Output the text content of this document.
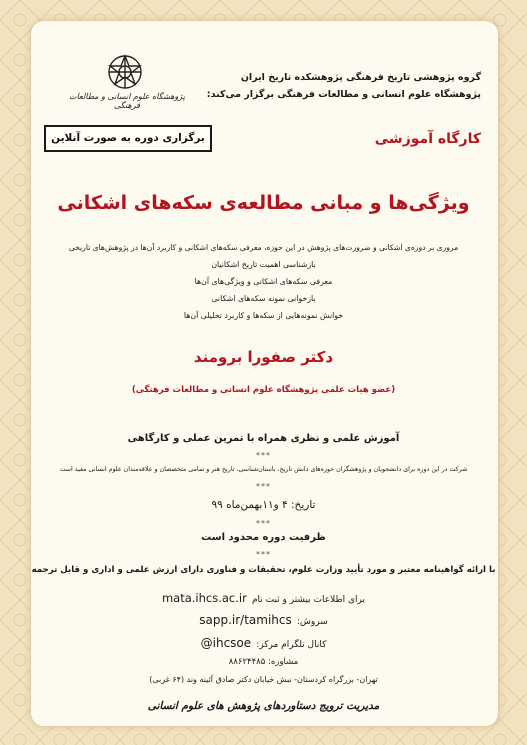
پژوهشگاه علوم انسانی و مطالعات فرهنگی
گروه پژوهشی تاریخ فرهنگی پژوهشکده تاریخ ایران
پژوهشگاه علوم انسانی و مطالعات فرهنگی برگزار می‌کند:
برگزاری دوره به صورت آنلاین	کارگاه آموزشی
ویژگی‌ها و مبانی مطالعه‌ی سکه‌های اشکانی
مروری بر دوره‌ی اشکانی و ضرورت‌های پژوهش در این حوزه، معرفی سکه‌های اشکانی و کاربرد آن‌ها در پژوهش‌های تاریخی
بازشناسی اهمیت تاریخ اشکانیان
معرفی سکه‌های اشکانی و ویژگی‌های آن‌ها
بازخوانی نمونه سکه‌های اشکانی
خوانش نمونه‌هایی از سکه‌ها و کاربرد تحلیلی آن‌ها
دکتر صفورا برومند
(عضو هیات علمی پژوهشگاه علوم انسانی و مطالعات فرهنگی)
آموزش علمی و نظری همراه با تمرین عملی و کارگاهی
***
شرکت در این دوره برای دانشجویان و پژوهشگران حوزه‌های دانش تاریخ، باستان‌شناسی، تاریخ هنر و تمامی متخصصان و علاقه‌مندان علوم انسانی مفید است
***
تاریخ: ۴ و۱۱بهمن‌ماه ۹۹
***
ظرفیت دوره محدود است
***
با ارائه گواهینامه معتبر و مورد تأیید وزارت علوم، تحقیقات و فناوری دارای ارزش علمی و اداری و قابل ترجمه
برای اطلاعات بیشتر و ثبت نام mata.ihcs.ac.ir
سروش: sapp.ir/tamihcs
کانال تلگرام مرکز: @ihcsoe
مشاوره: ۸۸۶۲۴۴۸۵
تهران- بزرگراه کردستان- نبش خیابان دکتر صادق آئینه وند (۶۴ غربی)
مدیریت ترویج دستاوردهای پژوهش های علوم انسانی
